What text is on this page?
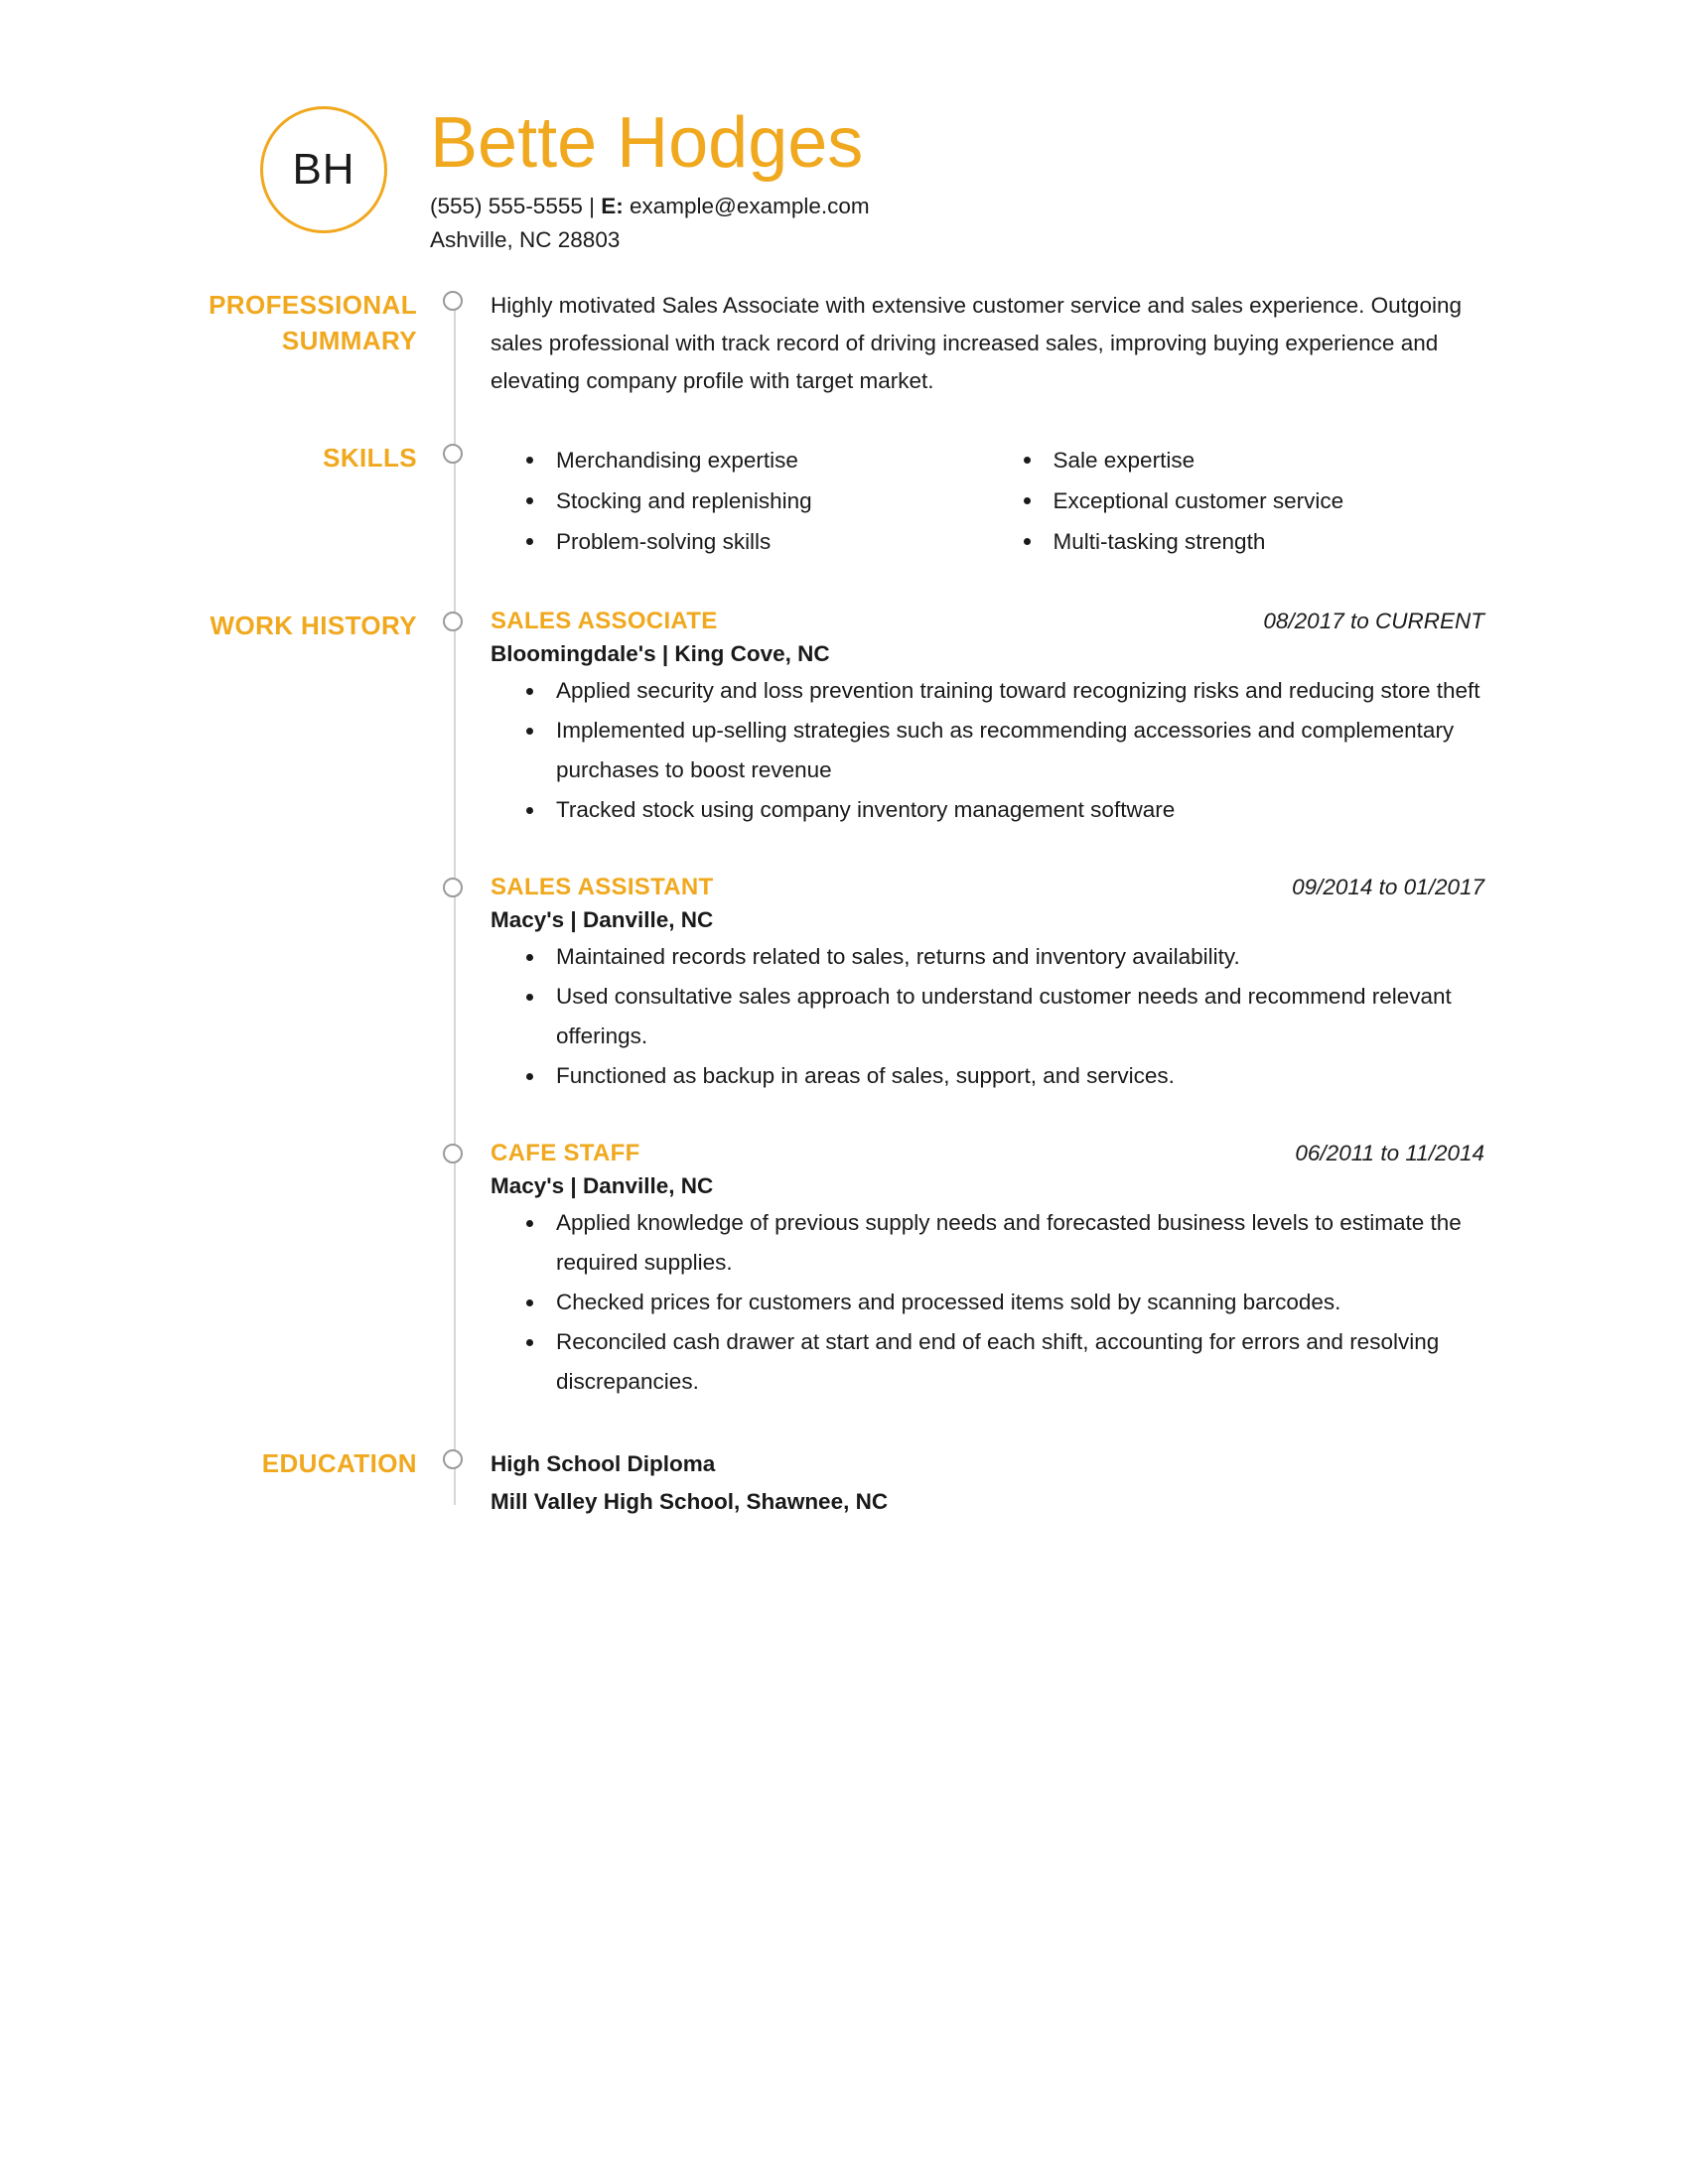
BH Bette Hodges
(555) 555-5555 | E: example@example.com
Ashville, NC 28803
PROFESSIONAL
SUMMARY

Highly motivated Sales Associate with extensive customer service and sales experience. Outgoing sales professional with track record of driving increased sales, improving buying experience and elevating company profile with target market.

SKILLS	Merchandising expertise
Stocking and replenishing
Problem-solving skills
Sale expertise
Exceptional customer service
Multi-tasking strength
WORK HISTORY	SALES ASSOCIATE	08/2017 to CURRENT
Bloomingdale's | King Cove, NC
Applied security and loss prevention training toward recognizing risks and reducing store theft
Implemented up-selling strategies such as recommending accessories and complementary purchases to boost revenue
Tracked stock using company inventory management software
SALES ASSISTANT	09/2014 to 01/2017
Macy's | Danville, NC
Maintained records related to sales, returns and inventory availability.
Used consultative sales approach to understand customer needs and recommend relevant offerings.
Functioned as backup in areas of sales, support, and services.
CAFE STAFF	06/2011 to 11/2014
Macy's | Danville, NC
Applied knowledge of previous supply needs and forecasted business levels to estimate the required supplies.
Checked prices for customers and processed items sold by scanning barcodes.
Reconciled cash drawer at start and end of each shift, accounting for errors and resolving discrepancies.
EDUCATION	High School Diploma
Mill Valley High School, Shawnee, NC
